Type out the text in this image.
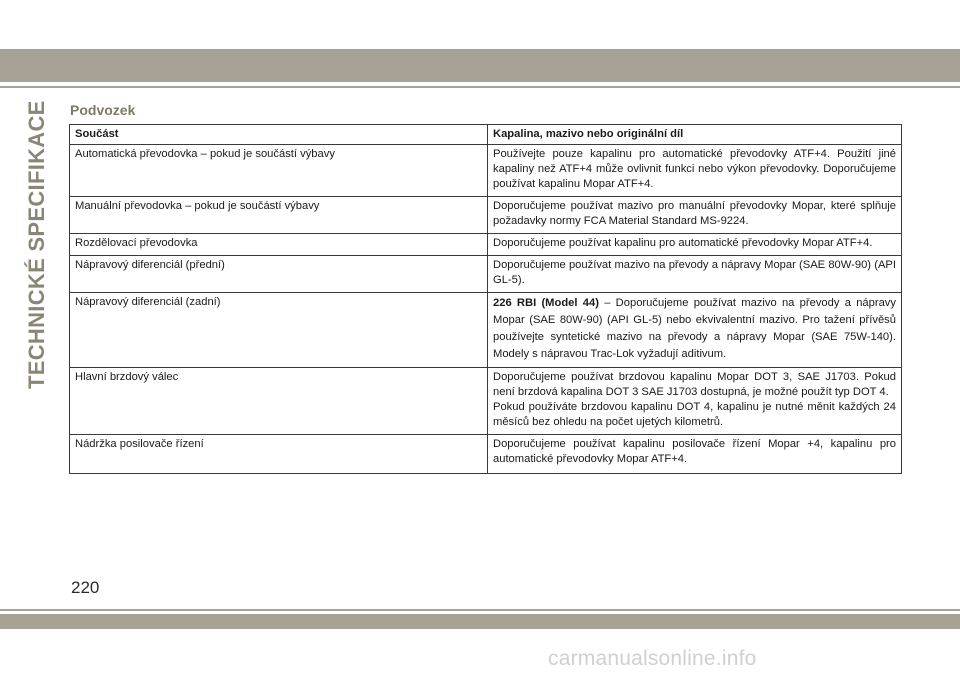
TECHNICKÉ SPECIFIKACE Podvozek
Součást	Kapalina, mazivo nebo originální díl
Automatická převodovka – pokud je součástí výbavy	Používejte pouze kapalinu pro automatické převodovky ATF+4. Použití jiné kapaliny než ATF+4 může ovlivnit funkci nebo výkon převodovky. Doporučujeme používat kapalinu Mopar ATF+4.
Manuální převodovka – pokud je součástí výbavy	Doporučujeme používat mazivo pro manuální převodovky Mopar, které splňuje požadavky normy FCA Material Standard MS-9224.
Rozdělovací převodovka	Doporučujeme používat kapalinu pro automatické převodovky Mopar ATF+4.
Nápravový diferenciál (přední)	Doporučujeme používat mazivo na převody a nápravy Mopar (SAE 80W-90) (API GL-5).
Nápravový diferenciál (zadní)	226 RBI (Model 44) – Doporučujeme používat mazivo na převody a nápravy Mopar (SAE 80W-90) (API GL-5) nebo ekvivalentní mazivo. Pro tažení přívěsů používejte syntetické mazivo na převody a nápravy Mopar (SAE 75W-140). Modely s nápravou Trac-Lok vyžadují aditivum.
Hlavní brzdový válec	Doporučujeme používat brzdovou kapalinu Mopar DOT 3, SAE J1703. Pokud není brzdová kapalina DOT 3 SAE J1703 dostupná, je možné použít typ DOT 4.
Pokud používáte brzdovou kapalinu DOT 4, kapalinu je nutné měnit každých 24 měsíců bez ohledu na počet ujetých kilometrů.

Nádržka posilovače řízení	Doporučujeme používat kapalinu posilovače řízení Mopar +4, kapalinu pro automatické převodovky Mopar ATF+4.
220
carmanualsonline.info
